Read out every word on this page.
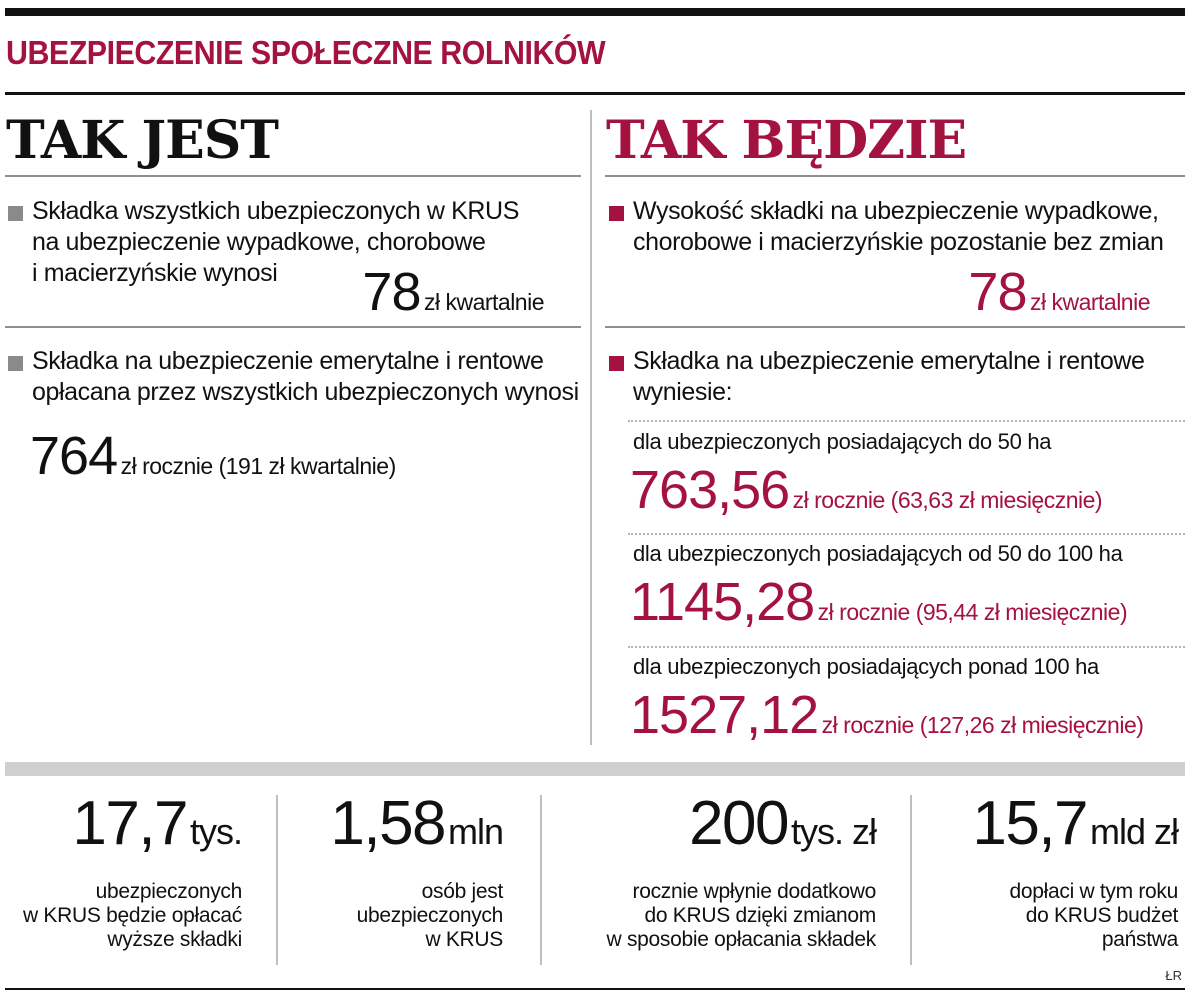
UBEZPIECZENIE SPOŁECZNE ROLNIKÓW
TAK JEST
Składka wszystkich ubezpieczonych w KRUS
na ubezpieczenie wypadkowe, chorobowe
i macierzyńskie wynosi 78 zł kwartalnie
Składka na ubezpieczenie emerytalne i rentowe
opłacana przez wszystkich ubezpieczonych wynosi
764 zł rocznie (191 zł kwartalnie)
TAK BĘDZIE
Wysokość składki na ubezpieczenie wypadkowe,
chorobowe i macierzyńskie pozostanie bez zmian
78 zł kwartalnie
Składka na ubezpieczenie emerytalne i rentowe
wyniesie:
dla ubezpieczonych posiadających do 50 ha
763,56 zł rocznie (63,63 zł miesięcznie)
dla ubezpieczonych posiadających od 50 do 100 ha
1145,28 zł rocznie (95,44 zł miesięcznie)
dla ubezpieczonych posiadających ponad 100 ha
1527,12 zł rocznie (127,26 zł miesięcznie)
17,7 tys.
ubezpieczonych
w KRUS będzie opłacać
wyższe składki
1,58 mln
osób jest
ubezpieczonych
w KRUS
200 tys. zł
rocznie wpłynie dodatkowo
do KRUS dzięki zmianom
w sposobie opłacania składek
15,7 mld zł
dopłaci w tym roku
do KRUS budżet
państwa
ŁR
